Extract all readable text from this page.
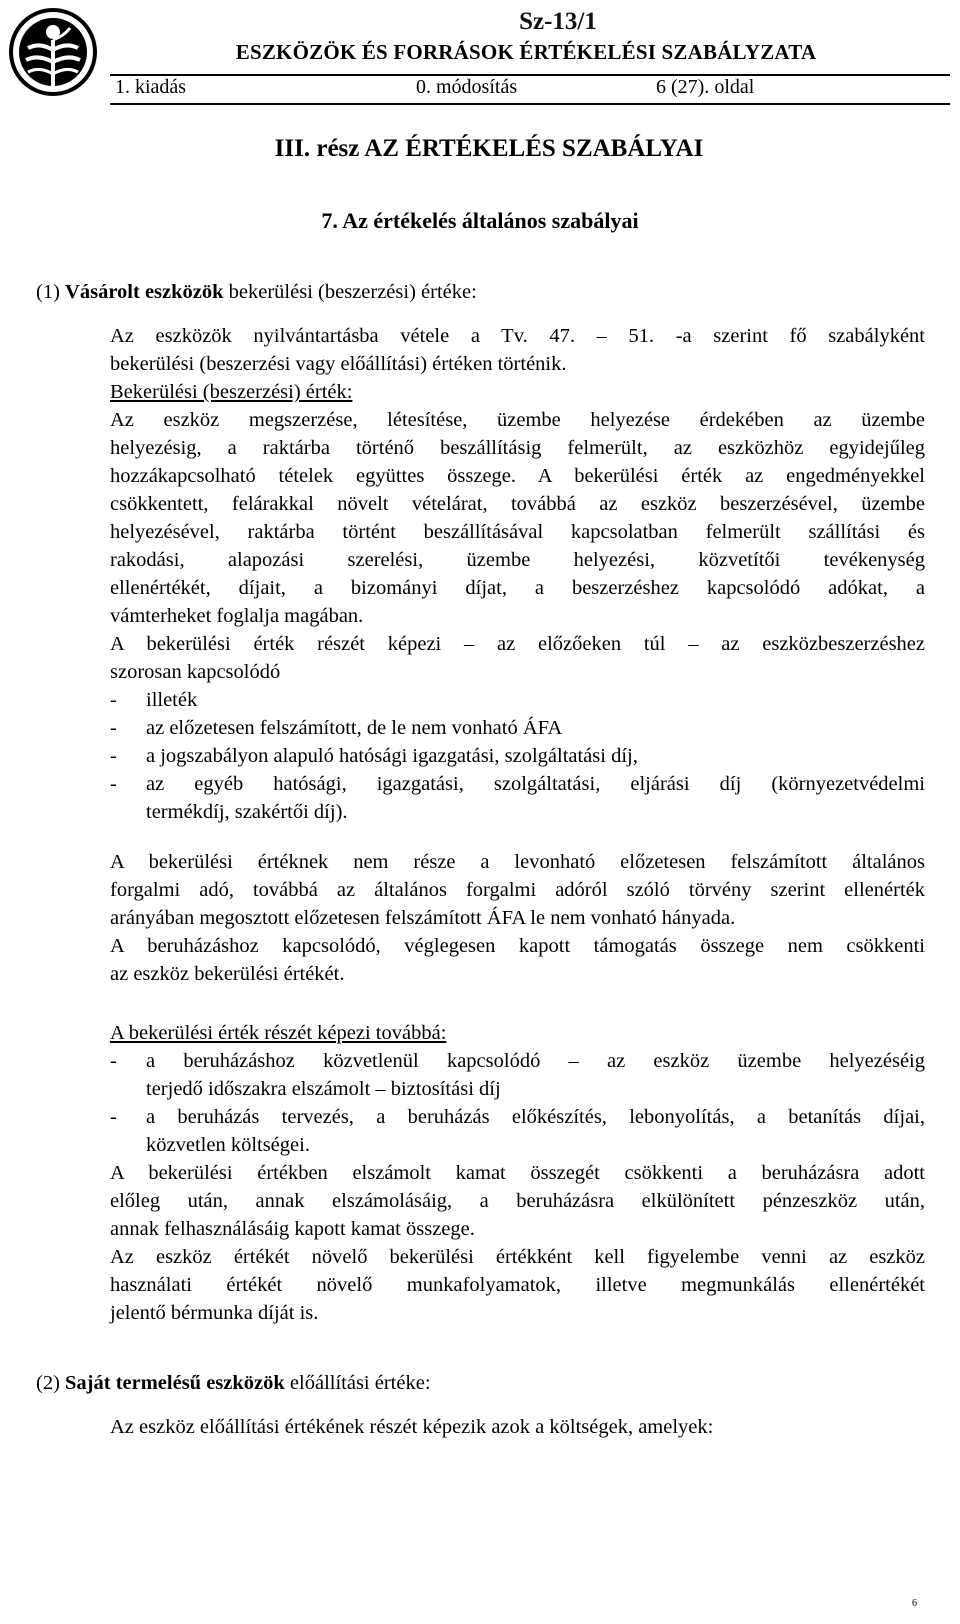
Sz-13/1
ESZKÖZÖK ÉS FORRÁSOK ÉRTÉKELÉSI SZABÁLYZATA
1. kiadás	0. módosítás	6 (27). oldal
III. rész AZ ÉRTÉKELÉS SZABÁLYAI
7. Az értékelés általános szabályai
(1) Vásárolt eszközök bekerülési (beszerzési) értéke:
Az eszközök nyilvántartásba vétele a Tv. 47. – 51. -a szerint fő szabályként
bekerülési (beszerzési vagy előállítási) értéken történik.
Bekerülési (beszerzési) érték:
Az eszköz megszerzése, létesítése, üzembe helyezése érdekében az üzembe
helyezésig, a raktárba történő beszállításig felmerült, az eszközhöz egyidejűleg
hozzákapcsolható tételek együttes összege. A bekerülési érték az engedményekkel
csökkentett, felárakkal növelt vételárat, továbbá az eszköz beszerzésével, üzembe
helyezésével, raktárba történt beszállításával kapcsolatban felmerült szállítási és
rakodási, alapozási szerelési, üzembe helyezési, közvetítői tevékenység
ellenértékét, díjait, a bizományi díjat, a beszerzéshez kapcsolódó adókat, a
vámterheket foglalja magában.
A bekerülési érték részét képezi – az előzőeken túl – az eszközbeszerzéshez
szorosan kapcsolódó
- illeték
- az előzetesen felszámított, de le nem vonható ÁFA
- a jogszabályon alapuló hatósági igazgatási, szolgáltatási díj,
- az egyéb hatósági, igazgatási, szolgáltatási, eljárási díj (környezetvédelmi
termékdíj, szakértői díj).
A bekerülési értéknek nem része a levonható előzetesen felszámított általános
forgalmi adó, továbbá az általános forgalmi adóról szóló törvény szerint ellenérték
arányában megosztott előzetesen felszámított ÁFA le nem vonható hányada.
A beruházáshoz kapcsolódó, véglegesen kapott támogatás összege nem csökkenti
az eszköz bekerülési értékét.
A bekerülési érték részét képezi továbbá:
- a beruházáshoz közvetlenül kapcsolódó – az eszköz üzembe helyezéséig
terjedő időszakra elszámolt – biztosítási díj
- a beruházás tervezés, a beruházás előkészítés, lebonyolítás, a betanítás díjai,
közvetlen költségei.
A bekerülési értékben elszámolt kamat összegét csökkenti a beruházásra adott
előleg után, annak elszámolásáig, a beruházásra elkülönített pénzeszköz után,
annak felhasználásáig kapott kamat összege.
Az eszköz értékét növelő bekerülési értékként kell figyelembe venni az eszköz
használati értékét növelő munkafolyamatok, illetve megmunkálás ellenértékét
jelentő bérmunka díját is.
(2) Saját termelésű eszközök előállítási értéke:
Az eszköz előállítási értékének részét képezik azok a költségek, amelyek:
6
